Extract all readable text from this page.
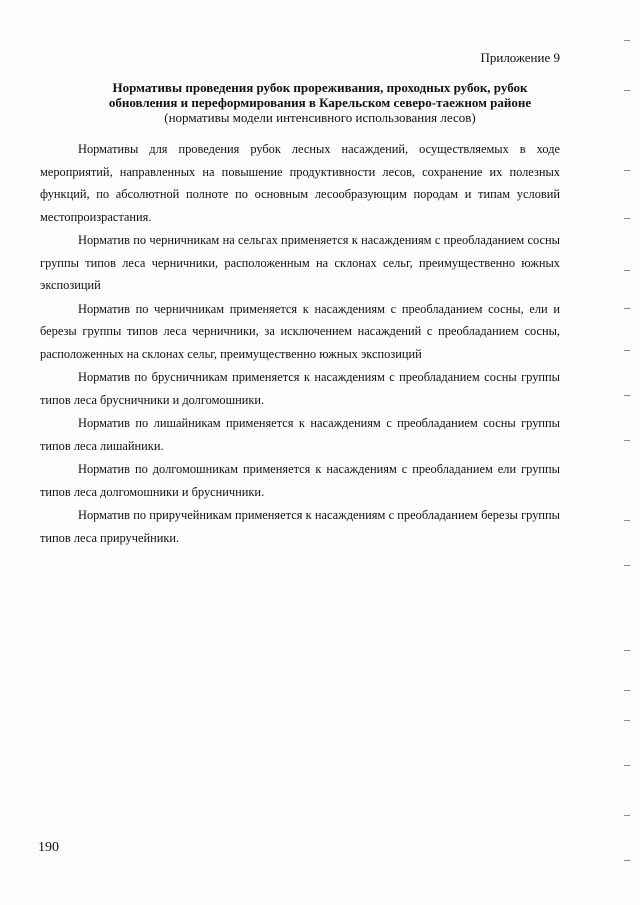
Приложение 9
Нормативы проведения рубок прореживания, проходных рубок, рубок
обновления и переформирования в Карельском северо-таежном районе
(нормативы модели интенсивного использования лесов)

Нормативы для проведения рубок лесных насаждений, осуществляемых в ходе мероприятий, направленных на повышение продуктивности лесов, сохранение их полезных функций, по абсолютной полноте по основным лесообразующим породам и типам условий местопроизрастания.

Норматив по черничникам на сельгах применяется к насаждениям с преобладанием сосны группы типов леса черничники, расположенным на склонах сельг, преимущественно южных экспозиций

Норматив по черничникам применяется к насаждениям с преобладанием сосны, ели и березы группы типов леса черничники, за исключением насаждений с преобладанием сосны, расположенных на склонах сельг, преимущественно южных экспозиций

Норматив по брусничникам применяется к насаждениям с преобладанием сосны группы типов леса брусничники и долгомошники.

Норматив по лишайникам применяется к насаждениям с преобладанием сосны группы типов леса лишайники.

Норматив по долгомошникам применяется к насаждениям с преобладанием ели группы типов леса долгомошники и брусничники.

Норматив по приручейникам применяется к насаждениям с преобладанием березы группы типов леса приручейники.

190
